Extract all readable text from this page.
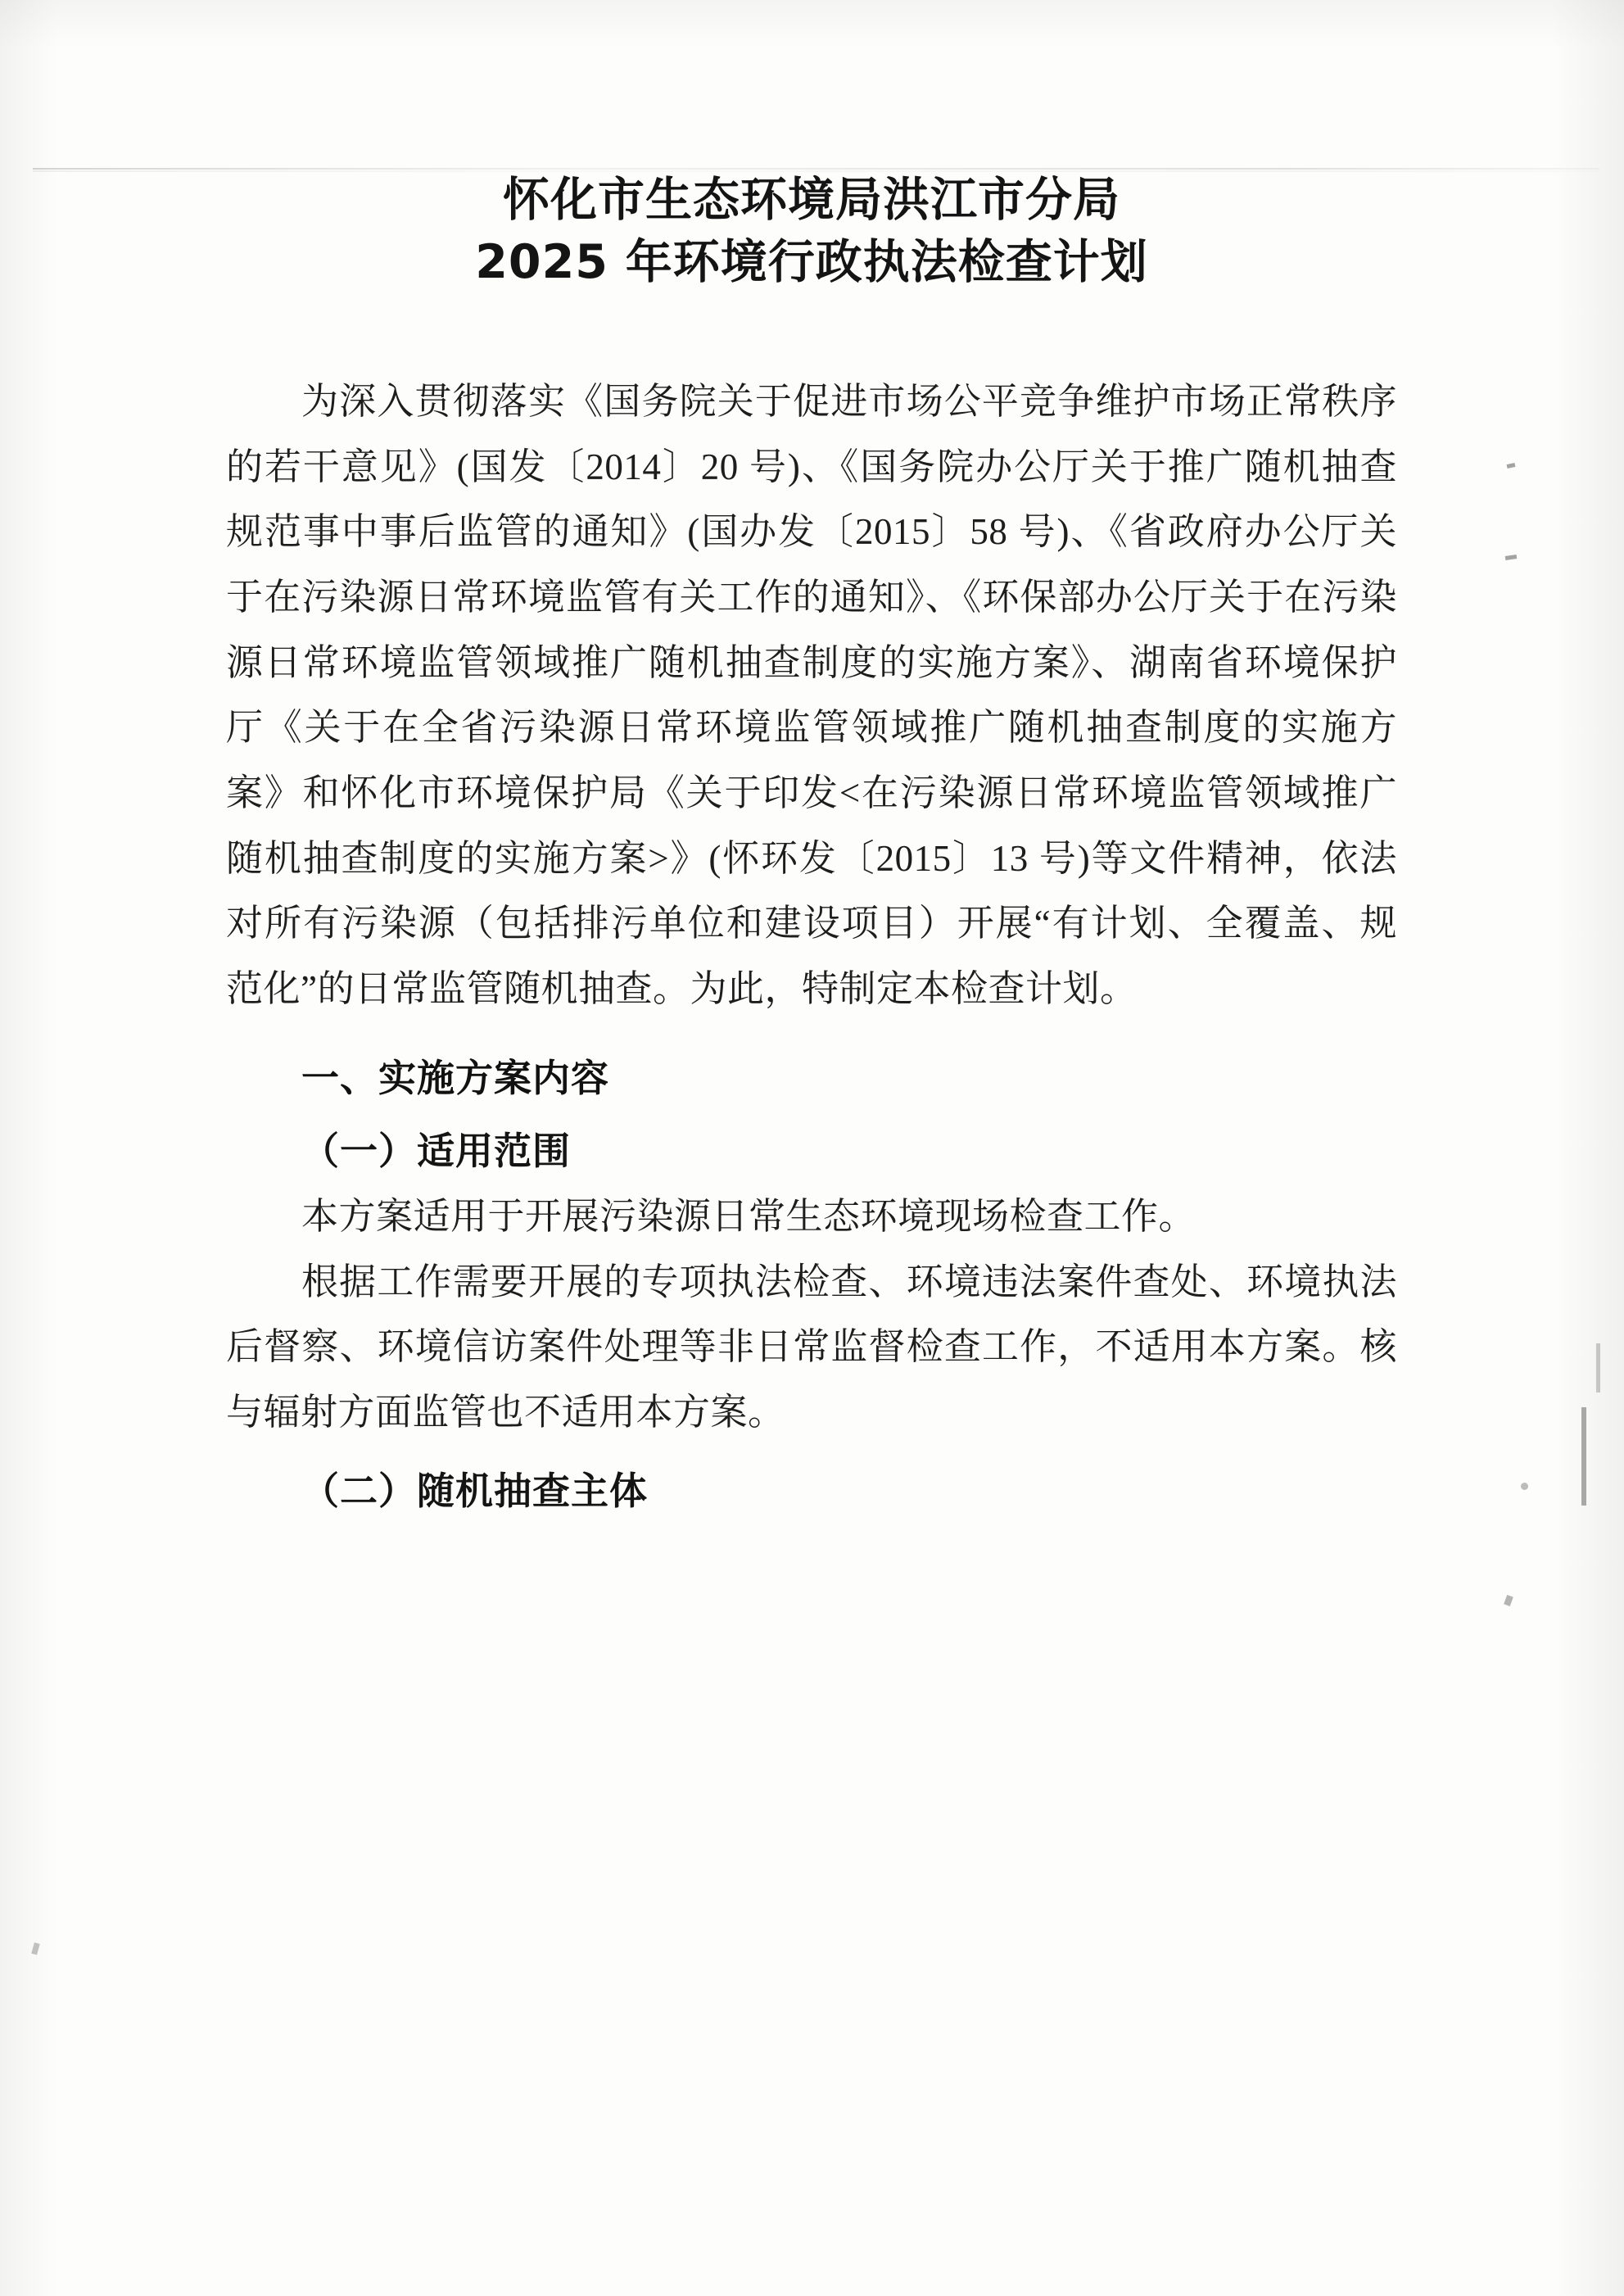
怀化市生态环境局洪江市分局
2025 年环境行政执法检查计划

为深入贯彻落实《国务院关于促进市场公平竞争维护市场正常秩序的若干意见》(国发〔2014〕20 号)、《国务院办公厅关于推广随机抽查规范事中事后监管的通知》(国办发〔2015〕58 号)、《省政府办公厅关于在污染源日常环境监管有关工作的通知》、《环保部办公厅关于在污染源日常环境监管领域推广随机抽查制度的实施方案》、湖南省环境保护厅《关于在全省污染源日常环境监管领域推广随机抽查制度的实施方案》和怀化市环境保护局《关于印发<在污染源日常环境监管领域推广随机抽查制度的实施方案>》(怀环发〔2015〕13 号)等文件精神，依法对所有污染源（包括排污单位和建设项目）开展“有计划、全覆盖、规范化”的日常监管随机抽查。为此，特制定本检查计划。

一、实施方案内容
（一）适用范围

本方案适用于开展污染源日常生态环境现场检查工作。

根据工作需要开展的专项执法检查、环境违法案件查处、环境执法后督察、环境信访案件处理等非日常监督检查工作，不适用本方案。核与辐射方面监管也不适用本方案。

（二）随机抽查主体
